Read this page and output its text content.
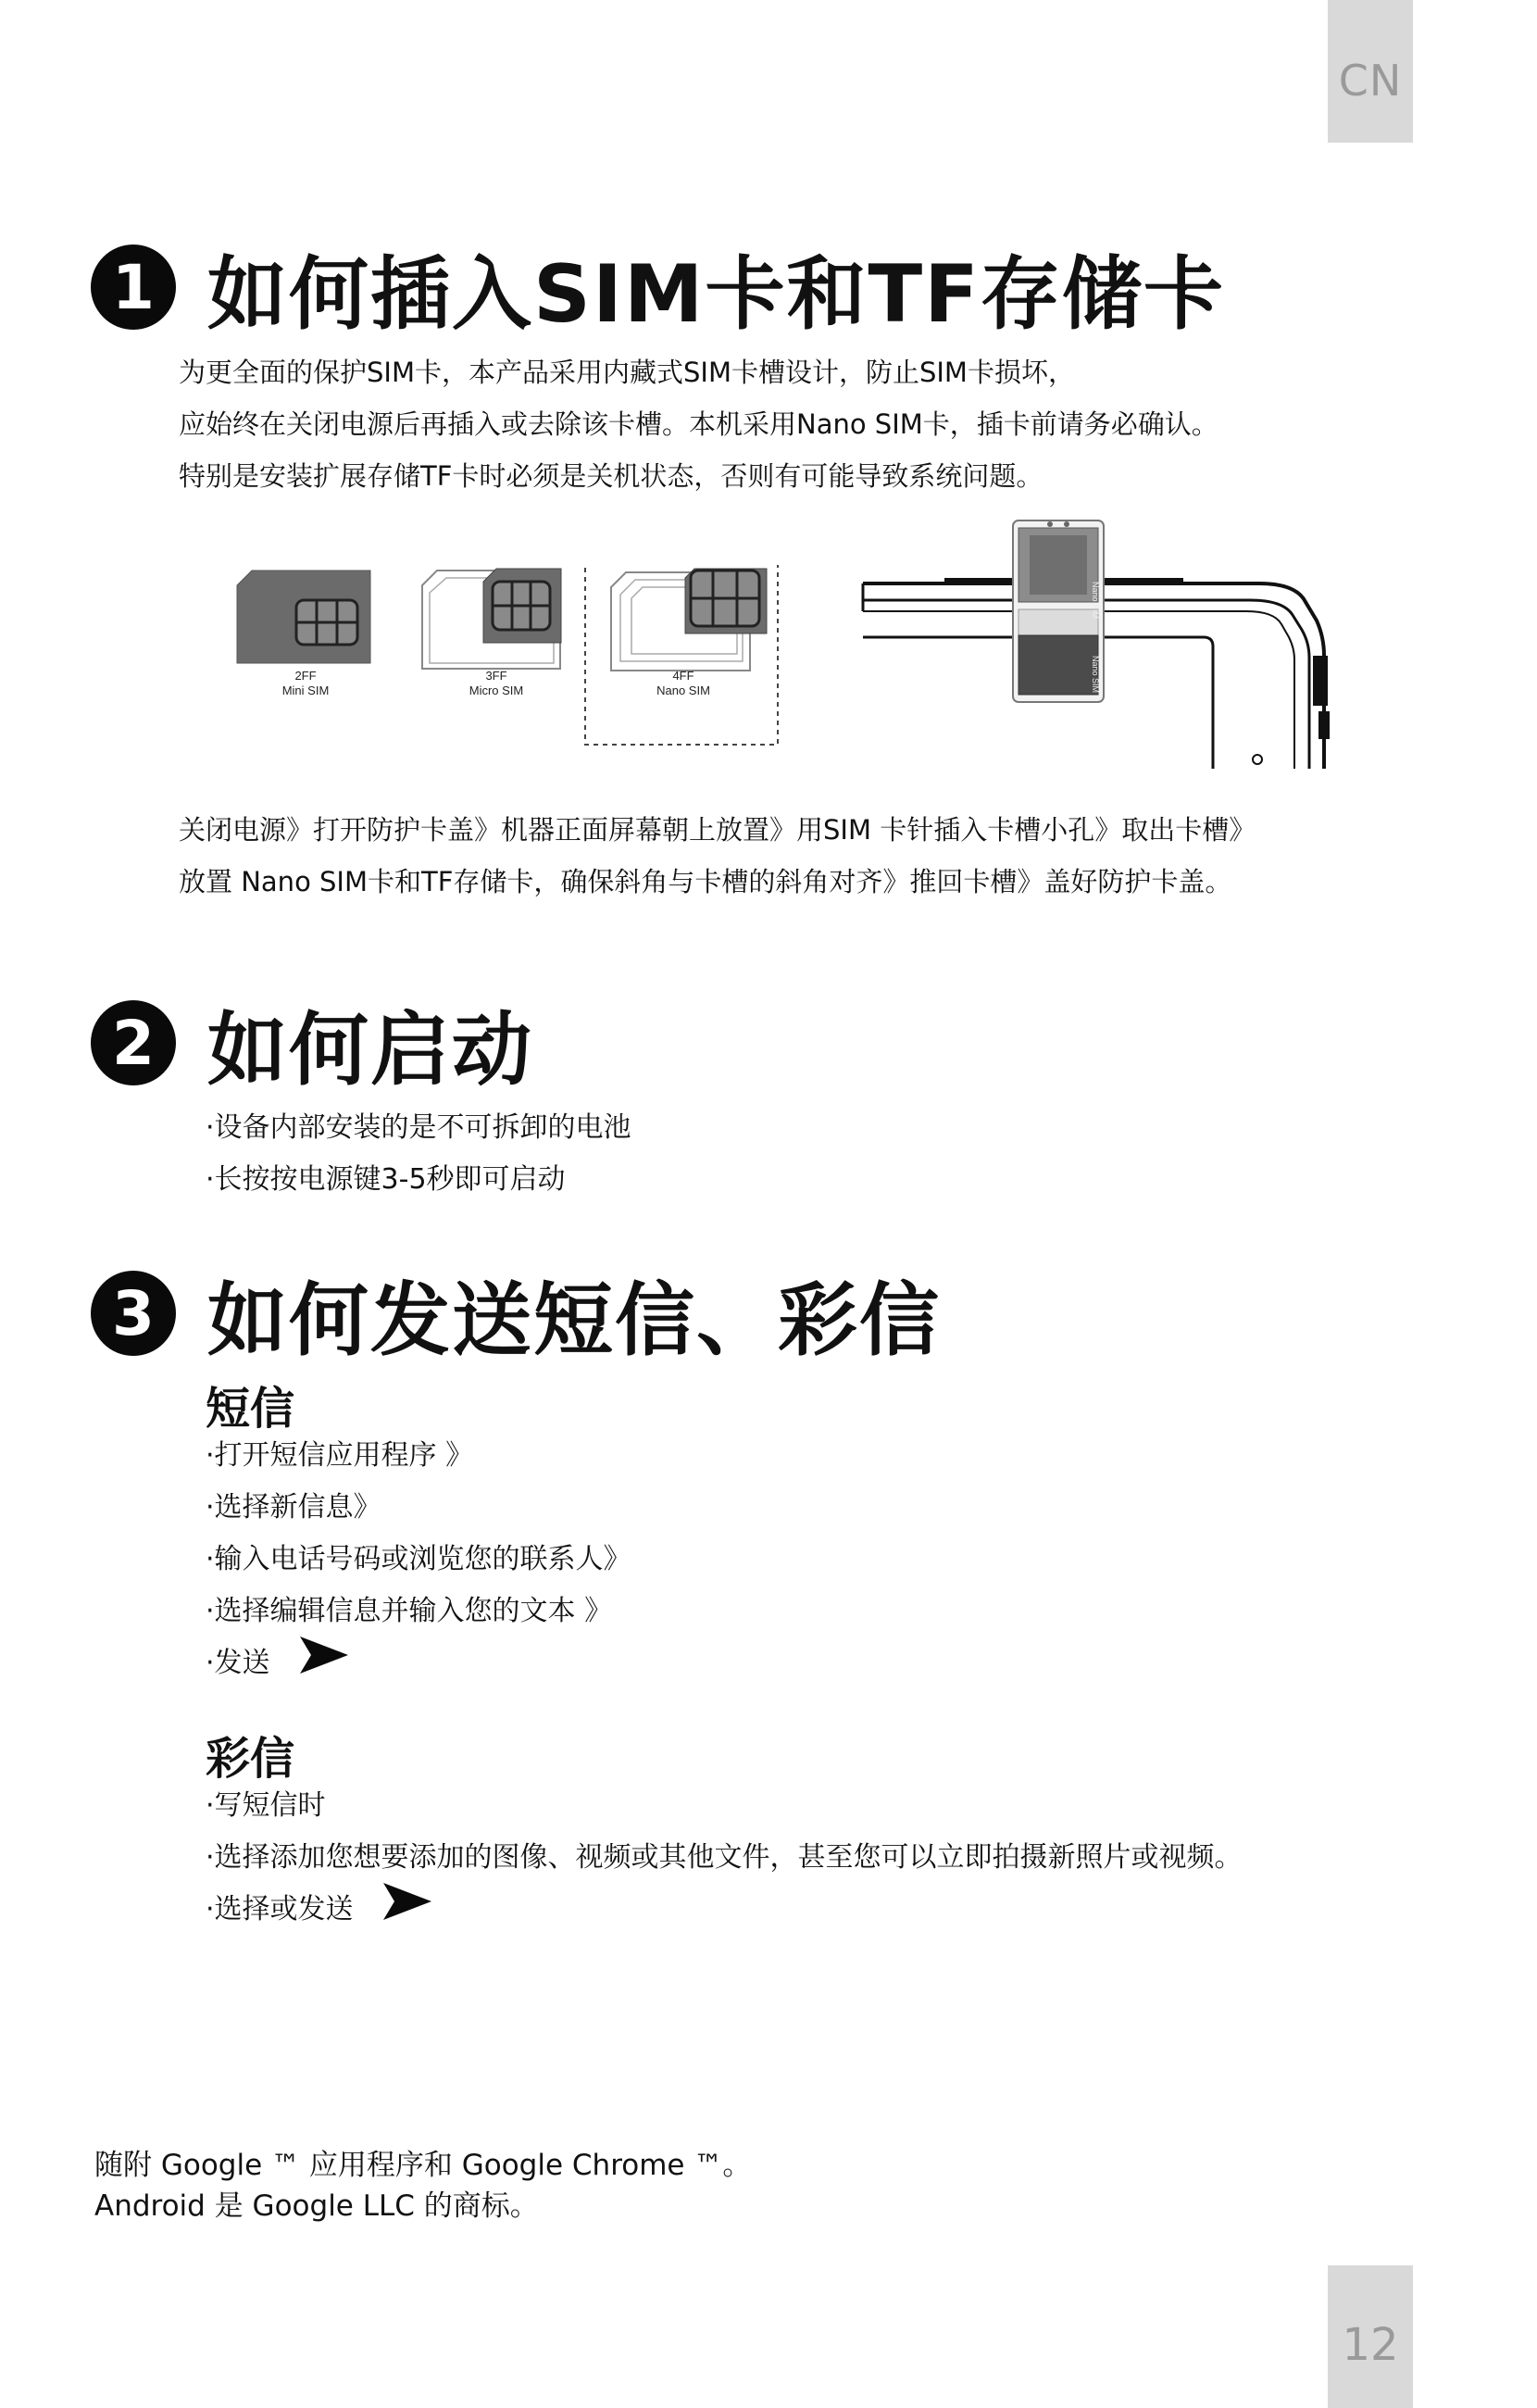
CN
1 如何插入SIM卡和TF存储卡
为更全面的保护SIM卡，本产品采用内藏式SIM卡槽设计，防止SIM卡损坏，
应始终在关闭电源后再插入或去除该卡槽。本机采用Nano SIM卡，插卡前请务必确认。
特别是安装扩展存储TF卡时必须是关机状态，否则有可能导致系统问题。
2FF
Mini SIM
3FF
Micro SIM
4FF
Nano SIM
Nano SIM
Nano SIM
关闭电源》打开防护卡盖》机器正面屏幕朝上放置》用SIM 卡针插入卡槽小孔》取出卡槽》
放置 Nano SIM卡和TF存储卡，确保斜角与卡槽的斜角对齐》推回卡槽》盖好防护卡盖。
2 如何启动
·设备内部安装的是不可拆卸的电池
·长按按电源键3-5秒即可启动
3 如何发送短信、彩信
短信
·打开短信应用程序 》
·选择新信息》
·输入电话号码或浏览您的联系人》
·选择编辑信息并输入您的文本 》
·发送
彩信
·写短信时
·选择添加您想要添加的图像、视频或其他文件，甚至您可以立即拍摄新照片或视频。
·选择或发送
随附 Google ™ 应用程序和 Google Chrome ™。
Android 是 Google LLC 的商标。
12
